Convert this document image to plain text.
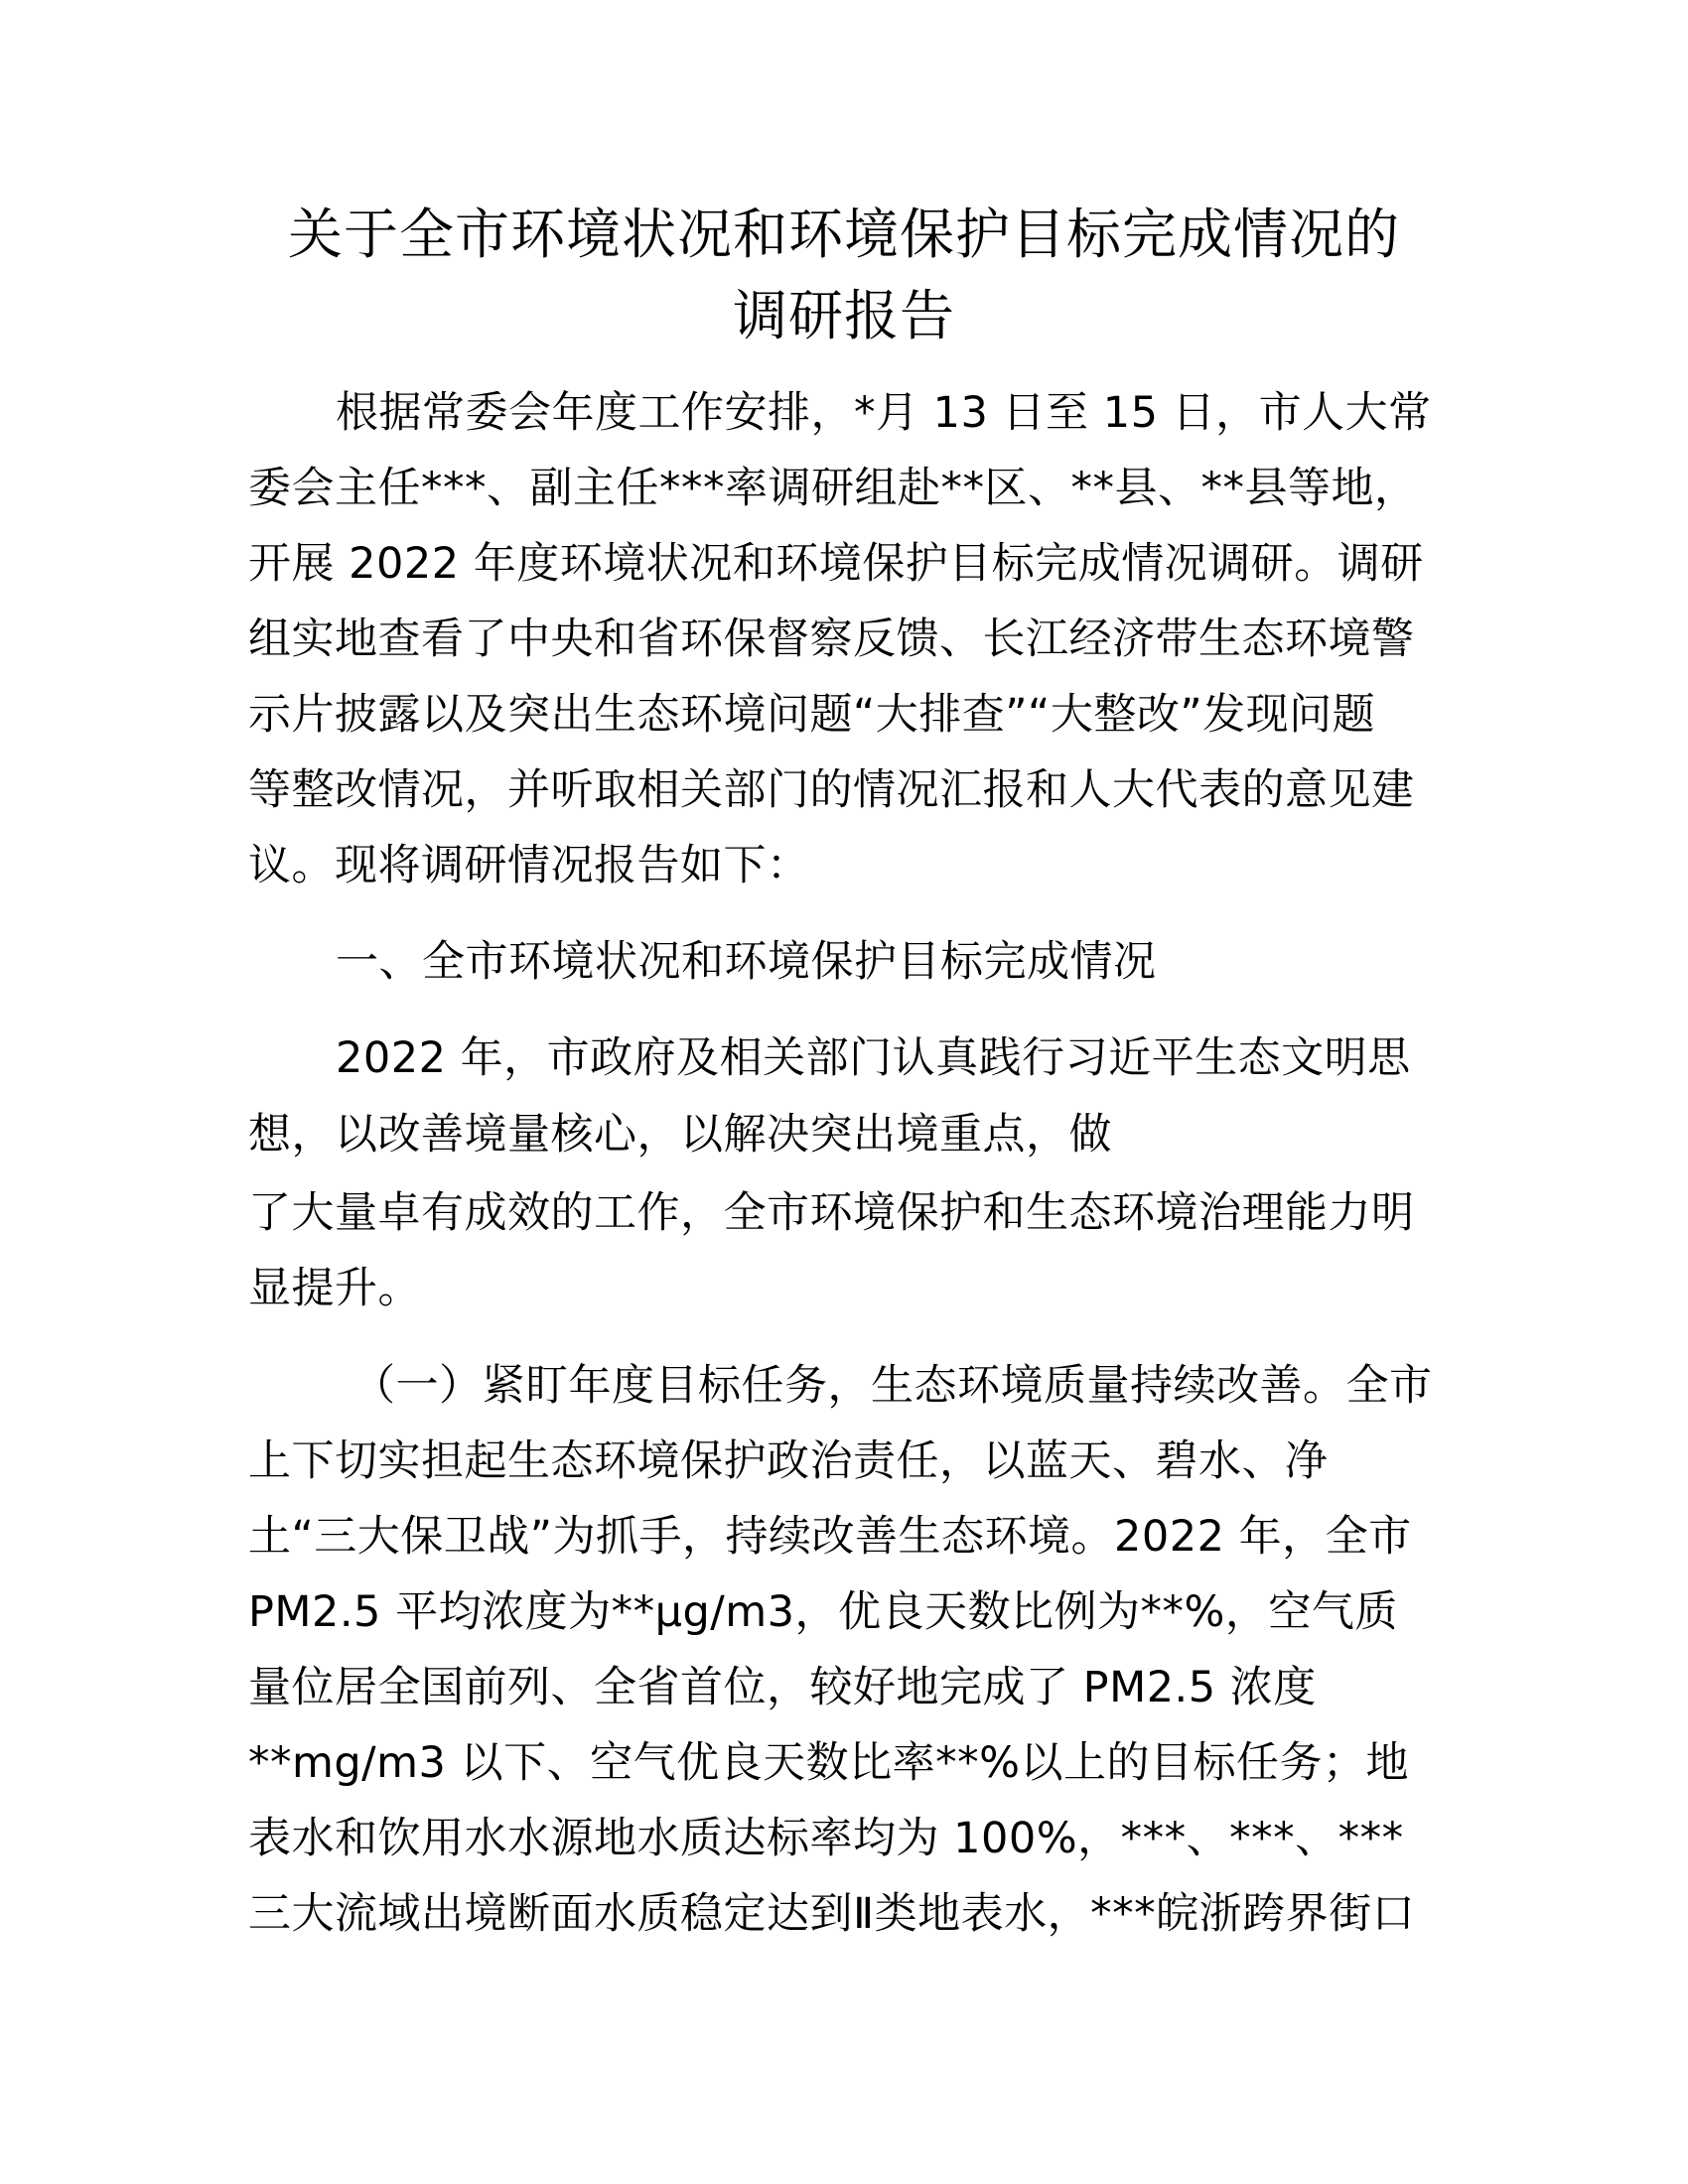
关于全市环境状况和环境保护目标完成情况的
调研报告
根据常委会年度工作安排，*月 13 日至 15 日，市人大常
委会主任***、副主任***率调研组赴**区、**县、**县等地，
开展 2022 年度环境状况和环境保护目标完成情况调研。调研
组实地查看了中央和省环保督察反馈、长江经济带生态环境警
示片披露以及突出生态环境问题“大排查”“大整改”发现问题
等整改情况，并听取相关部门的情况汇报和人大代表的意见建
议。现将调研情况报告如下：
一、全市环境状况和环境保护目标完成情况
2022 年，市政府及相关部门认真践行习近平生态文明思
想，以改善境量核心，以解决突出境重点，做
了大量卓有成效的工作，全市环境保护和生态环境治理能力明
显提升。
（一）紧盯年度目标任务，生态环境质量持续改善。全市
上下切实担起生态环境保护政治责任，以蓝天、碧水、净
土“三大保卫战”为抓手，持续改善生态环境。2022 年，全市
PM2.5 平均浓度为**μg/m3，优良天数比例为**%，空气质
量位居全国前列、全省首位，较好地完成了 PM2.5 浓度
**mg/m3 以下、空气优良天数比率**%以上的目标任务；地
表水和饮用水水源地水质达标率均为 100%，***、***、***
三大流域出境断面水质稳定达到Ⅱ类地表水，***皖浙跨界街口
